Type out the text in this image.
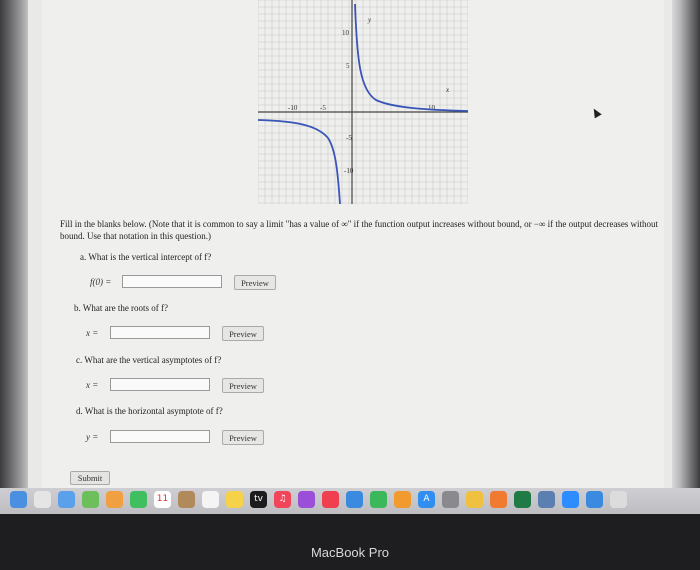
y
x
-10	-5	10
10
5
-5
-10
Fill in the blanks below. (Note that it is common to say a limit "has a value of ∞" if the function output increases without bound, or −∞ if the output decreases without bound. Use that notation in this question.)
a. What is the vertical intercept of f?
f(0) =	Preview
b. What are the roots of f?
x =	Preview
c. What are the vertical asymptotes of f?
x =	Preview
d. What is the horizontal asymptote of f?
y =	Preview
Submit
11	tv	♫	A
MacBook Pro
